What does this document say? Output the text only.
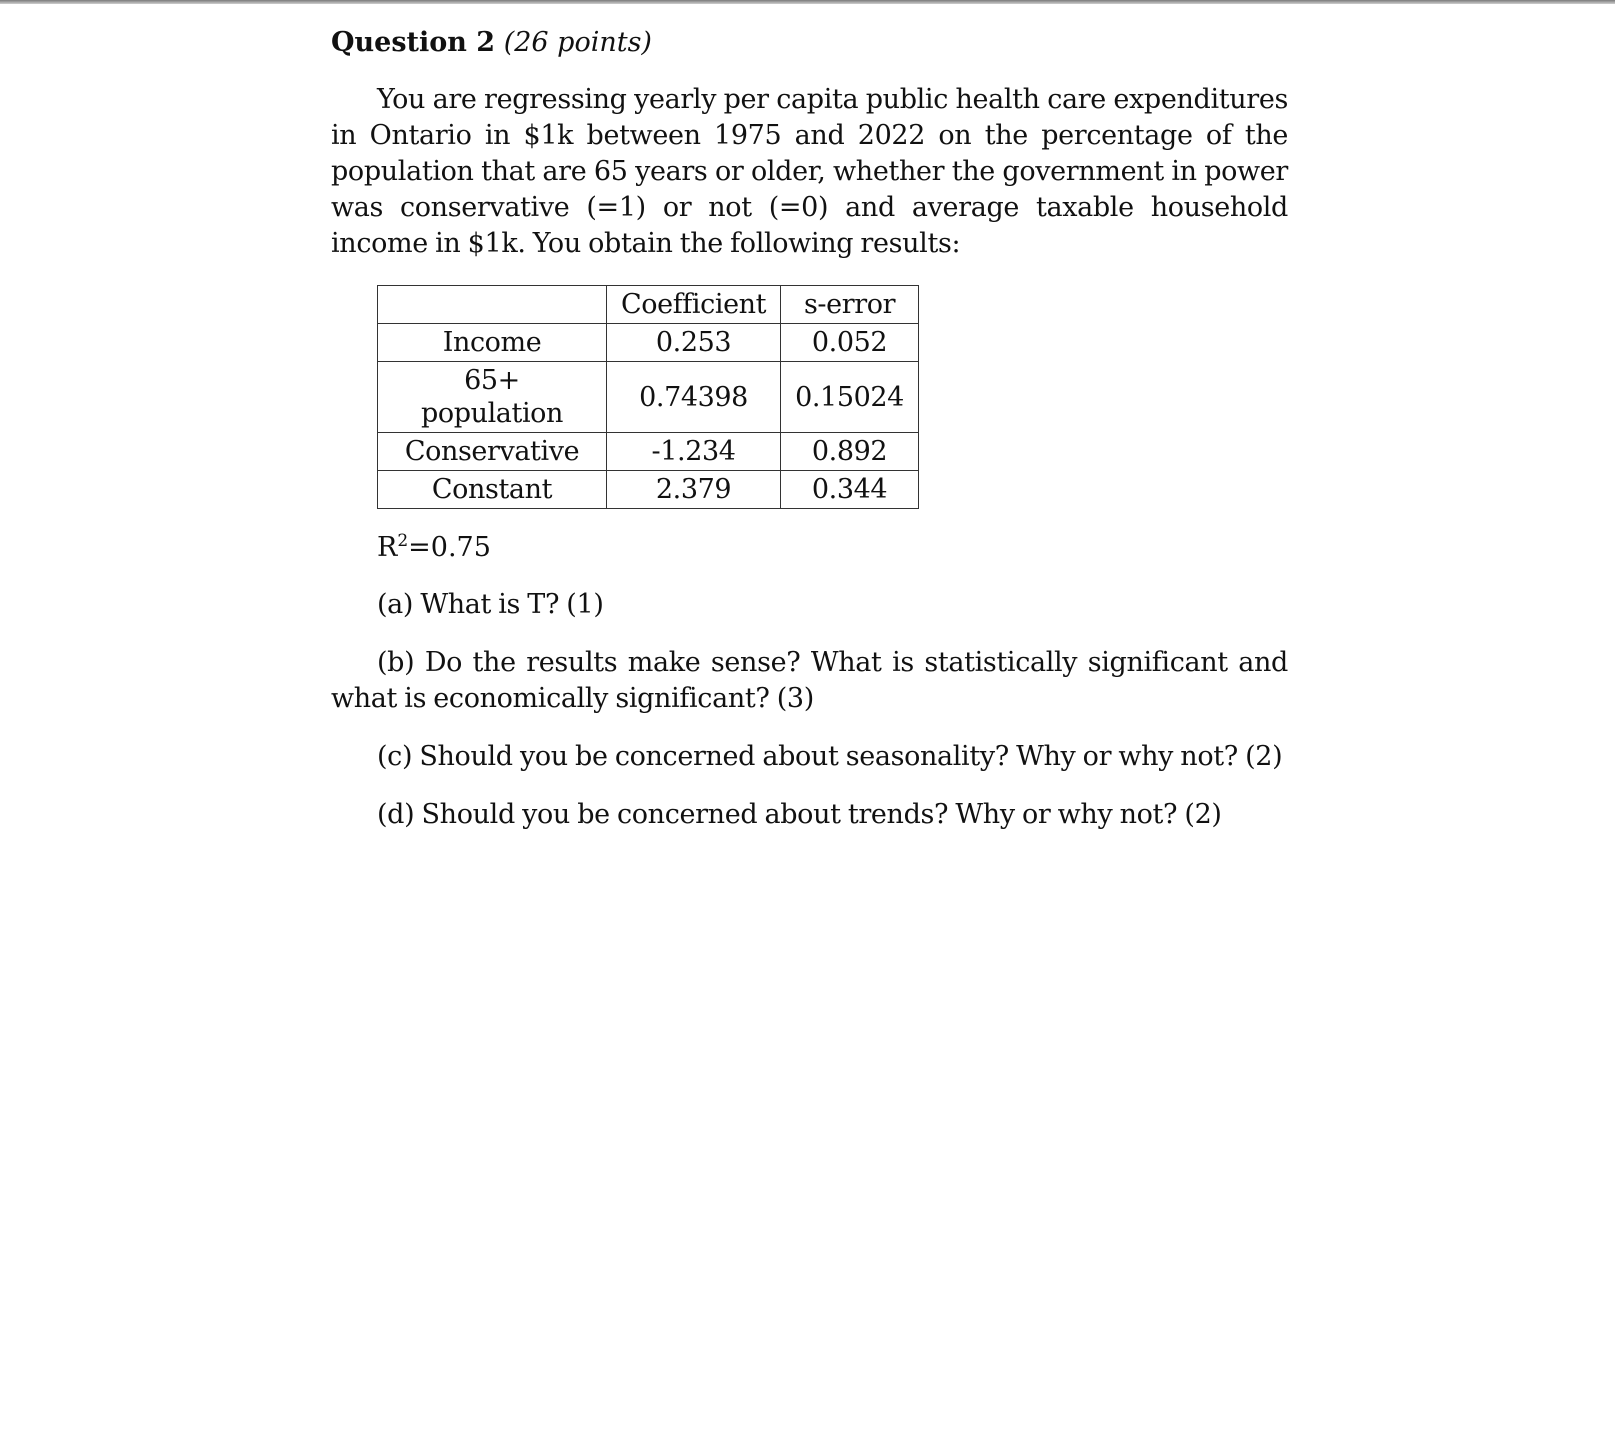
Question 2 (26 points)

You are regressing yearly per capita public health care expenditures in Ontario in $1k between 1975 and 2022 on the percentage of the population that are 65 years or older, whether the government in power was conservative (=1) or not (=0) and average taxable household income in $1k. You obtain the following results:

	Coefficient	s-error
Income	0.253	0.052
65+ population	0.74398	0.15024
Conservative	-1.234	0.892
Constant	2.379	0.344

$R^2=0.75$

(a) What is T? (1)

(b) Do the results make sense? What is statistically significant and what is economically significant? (3)

(c) Should you be concerned about seasonality? Why or why not? (2)

(d) Should you be concerned about trends? Why or why not? (2)
